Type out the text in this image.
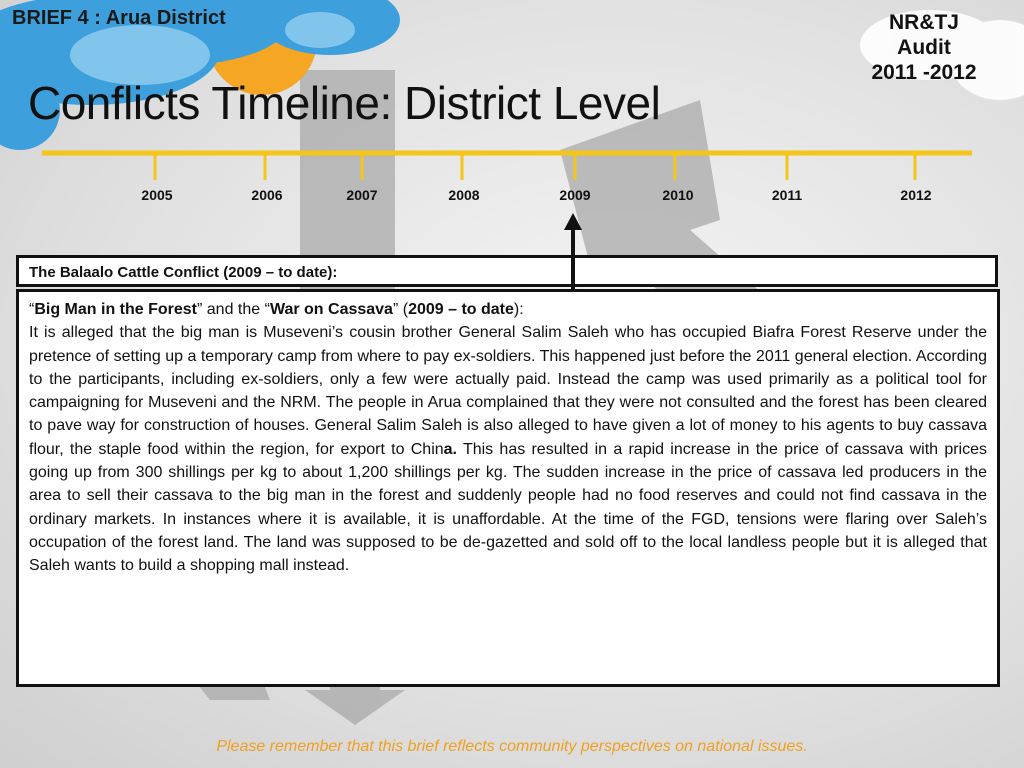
BRIEF 4 : Arua District	NR&TJ
Audit
2011 -2012
Conflicts Timeline: District Level
2005	2006	2007	2008	2009	2010	2011	2012
The Balaalo Cattle Conflict (2009 – to date):

“Big Man in the Forest” and the “War on Cassava” (2009 – to date):

It is alleged that the big man is Museveni’s cousin brother General Salim Saleh who has occupied Biafra Forest Reserve under the pretence of setting up a temporary camp from where to pay ex-soldiers. This happened just before the 2011 general election. According to the participants, including ex-soldiers, only a few were actually paid. Instead the camp was used primarily as a political tool for campaigning for Museveni and the NRM. The people in Arua complained that they were not consulted and the forest has been cleared to pave way for construction of houses. General Salim Saleh is also alleged to have given a lot of money to his agents to buy cassava flour, the staple food within the region, for export to China. This has resulted in a rapid increase in the price of cassava with prices going up from 300 shillings per kg to about 1,200 shillings per kg. The sudden increase in the price of cassava led producers in the area to sell their cassava to the big man in the forest and suddenly people had no food reserves and could not find cassava in the ordinary markets. In instances where it is available, it is unaffordable. At the time of the FGD, tensions were flaring over Saleh’s occupation of the forest land. The land was supposed to be de-gazetted and sold off to the local landless people but it is alleged that Saleh wants to build a shopping mall instead.

Please remember that this brief reflects community perspectives on national issues.
